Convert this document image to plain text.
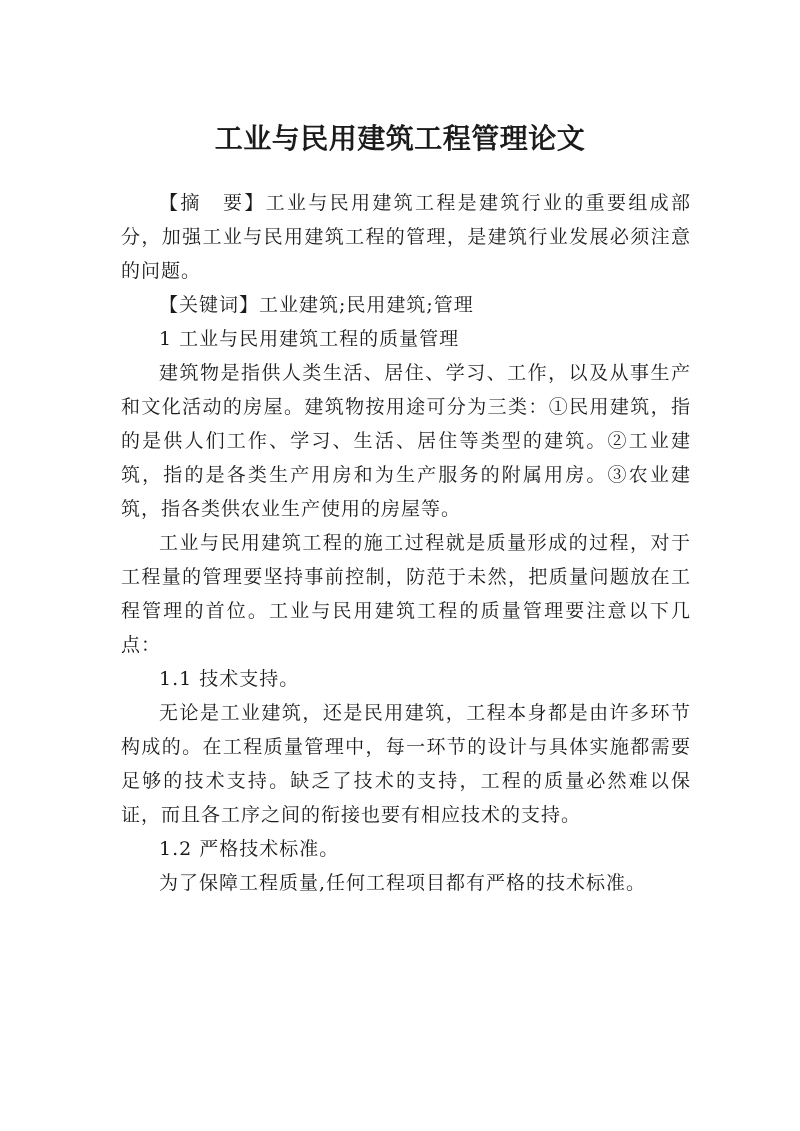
工业与民用建筑工程管理论文

【摘　要】工业与民用建筑工程是建筑行业的重要组成部分，加强工业与民用建筑工程的管理，是建筑行业发展必须注意的问题。

【关键词】工业建筑;民用建筑;管理

1 工业与民用建筑工程的质量管理

建筑物是指供人类生活、居住、学习、工作，以及从事生产和文化活动的房屋。建筑物按用途可分为三类：①民用建筑，指的是供人们工作、学习、生活、居住等类型的建筑。②工业建筑，指的是各类生产用房和为生产服务的附属用房。③农业建筑，指各类供农业生产使用的房屋等。

工业与民用建筑工程的施工过程就是质量形成的过程，对于工程量的管理要坚持事前控制，防范于未然，把质量问题放在工程管理的首位。工业与民用建筑工程的质量管理要注意以下几点：

1.1 技术支持。

无论是工业建筑，还是民用建筑，工程本身都是由许多环节构成的。在工程质量管理中，每一环节的设计与具体实施都需要足够的技术支持。缺乏了技术的支持，工程的质量必然难以保证，而且各工序之间的衔接也要有相应技术的支持。

1.2 严格技术标准。

为了保障工程质量,任何工程项目都有严格的技术标准。
